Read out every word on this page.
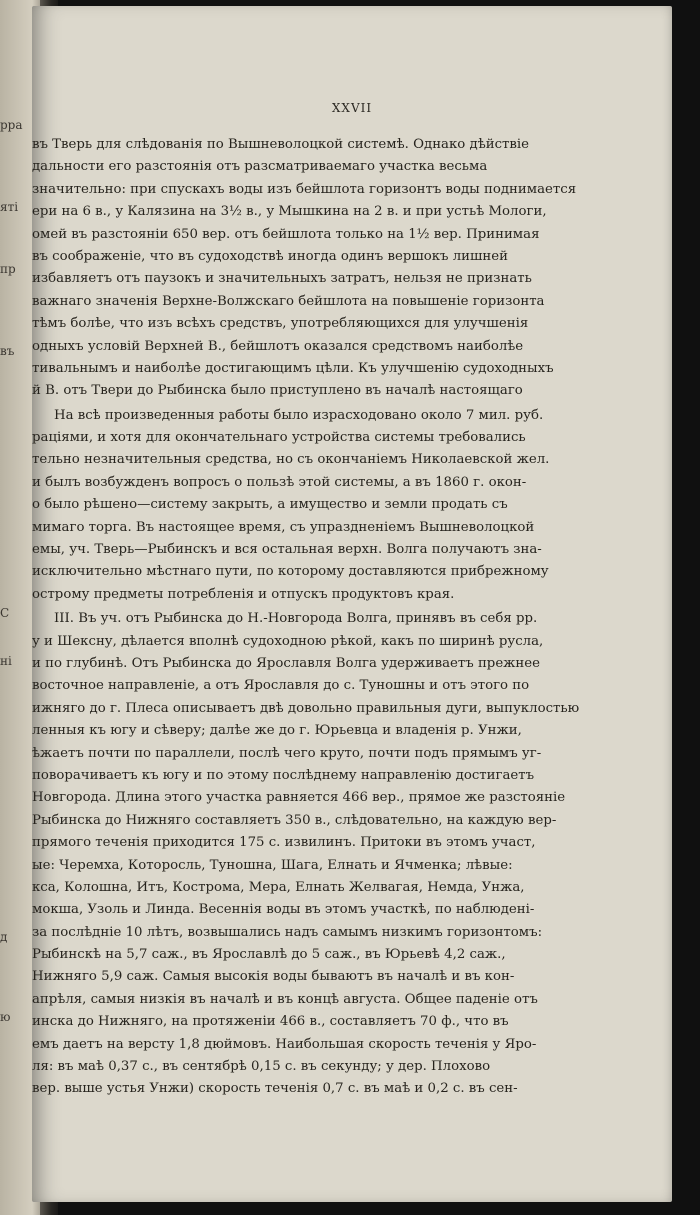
рра
яті
пр
въ
С
ні
д
ю
XXVII
въ Тверь для слѣдованія по Вышневолоцкой системѣ. Однако дѣйствіе
дальности его разстоянія отъ разсматриваемаго участка весьма
значительно: при спускахъ воды изъ бейшлота горизонтъ воды поднимается
ери на 6 в., у Калязина на 3½ в., у Мышкина на 2 в. и при устьѣ Мологи,
омей въ разстояніи 650 вер. отъ бейшлота только на 1½ вер. Принимая
въ соображеніе, что въ судоходствѣ иногда одинъ вершокъ лишней
избавляетъ отъ паузокъ и значительныхъ затратъ, нельзя не признать
важнаго значенія Верхне-Волжскаго бейшлота на повышеніе горизонта
тѣмъ болѣе, что изъ всѣхъ средствъ, употребляющихся для улучшенія
одныхъ условій Верхней В., бейшлотъ оказался средствомъ наиболѣе
тивальнымъ и наиболѣе достигающимъ цѣли. Къ улучшенію судоходныхъ
й В. отъ Твери до Рыбинска было приступлено въ началѣ настоящаго
На всѣ произведенныя работы было израсходовано около 7 мил. руб.
раціями, и хотя для окончательнаго устройства системы требовались
тельно незначительныя средства, но съ окончаніемъ Николаевской жел.
и былъ возбужденъ вопросъ о пользѣ этой системы, а въ 1860 г. окон-
о было рѣшено—систему закрыть, а имущество и земли продать съ
мимаго торга. Въ настоящее время, съ упраздненіемъ Вышневолоцкой
емы, уч. Тверь—Рыбинскъ и вся остальная верхн. Волга получаютъ зна-
исключительно мѣстнаго пути, по которому доставляются прибрежному
острому предметы потребленія и отпускъ продуктовъ края.
III. Въ уч. отъ Рыбинска до Н.-Новгорода Волга, принявъ въ себя рр.
у и Шексну, дѣлается вполнѣ судоходною рѣкой, какъ по ширинѣ русла,
и по глубинѣ. Отъ Рыбинска до Ярославля Волга удерживаетъ прежнее
восточное направленіе, а отъ Ярославля до с. Туношны и отъ этого по
ижняго до г. Плеса описываетъ двѣ довольно правильныя дуги, выпуклостью
ленныя къ югу и сѣверу; далѣе же до г. Юрьевца и владенія р. Унжи,
ѣжаетъ почти по параллели, послѣ чего круто, почти подъ прямымъ уг-
поворачиваетъ къ югу и по этому послѣднему направленію достигаетъ
Новгорода. Длина этого участка равняется 466 вер., прямое же разстояніе
Рыбинска до Нижняго составляетъ 350 в., слѣдовательно, на каждую вер-
прямого теченія приходится 175 с. извилинъ. Притоки въ этомъ участ,
ые: Черемха, Которосль, Туношна, Шага, Елнать и Ячменка; лѣвые:
кса, Колошна, Итъ, Кострома, Мера, Елнать Желвагая, Немда, Унжа,
мокша, Узоль и Линда. Весеннія воды въ этомъ участкѣ, по наблюдені-
за послѣдніе 10 лѣтъ, возвышались надъ самымъ низкимъ горизонтомъ:
Рыбинскѣ на 5,7 саж., въ Ярославлѣ до 5 саж., въ Юрьевѣ 4,2 саж.,
Нижняго 5,9 саж. Самыя высокія воды бываютъ въ началѣ и въ кон-
апрѣля, самыя низкія въ началѣ и въ концѣ августа. Общее паденіе отъ
инска до Нижняго, на протяженіи 466 в., составляетъ 70 ф., что въ
емъ даетъ на версту 1,8 дюймовъ. Наибольшая скорость теченія у Яро-
ля: въ маѣ 0,37 с., въ сентябрѣ 0,15 с. въ секунду; у дер. Плохово
вер. выше устья Унжи) скорость теченія 0,7 с. въ маѣ и 0,2 с. въ сен-
